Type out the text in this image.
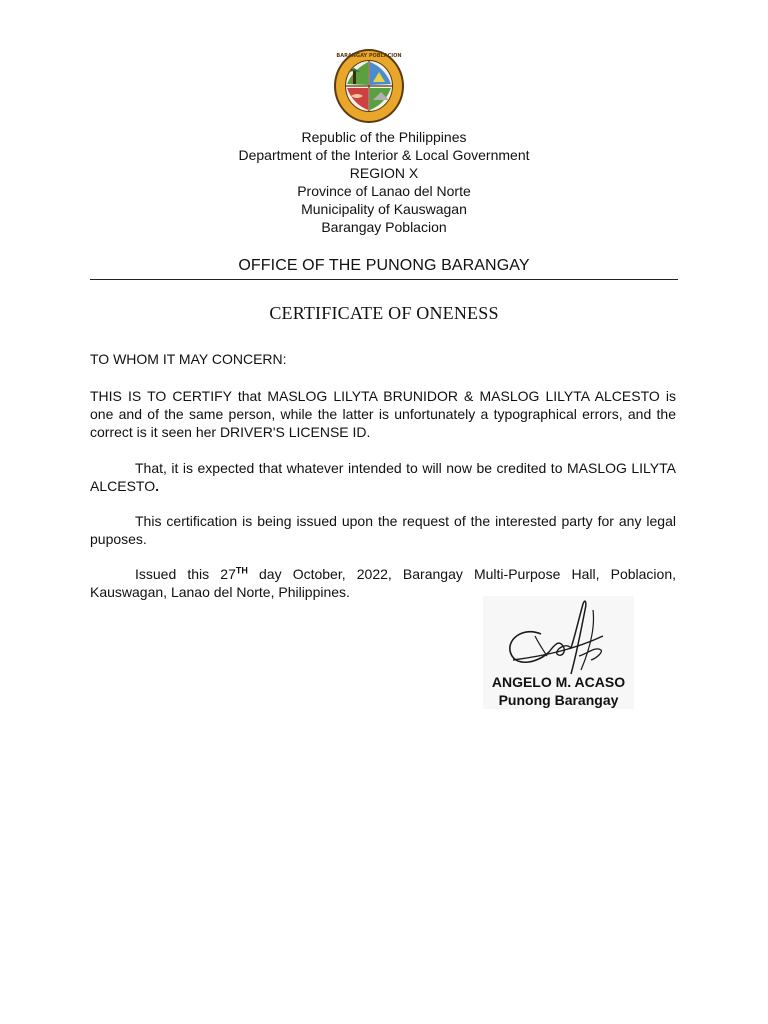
BARANGAY POBLACION
Republic of the Philippines
Department of the Interior & Local Government
REGION X
Province of Lanao del Norte
Municipality of Kauswagan
Barangay Poblacion
OFFICE OF THE PUNONG BARANGAY
CERTIFICATE OF ONENESS
TO WHOM IT MAY CONCERN:
THIS IS TO CERTIFY that MASLOG LILYTA BRUNIDOR & MASLOG LILYTA ALCESTO is one and of the same person, while the latter is unfortunately a typographical errors, and the correct is it seen her DRIVER'S LICENSE ID.
That, it is expected that whatever intended to will now be credited to MASLOG LILYTA ALCESTO.
This certification is being issued upon the request of the interested party for any legal puposes.
Issued this 27TH day October, 2022, Barangay Multi-Purpose Hall, Poblacion, Kauswagan, Lanao del Norte, Philippines.
ANGELO M. ACASO
Punong Barangay
